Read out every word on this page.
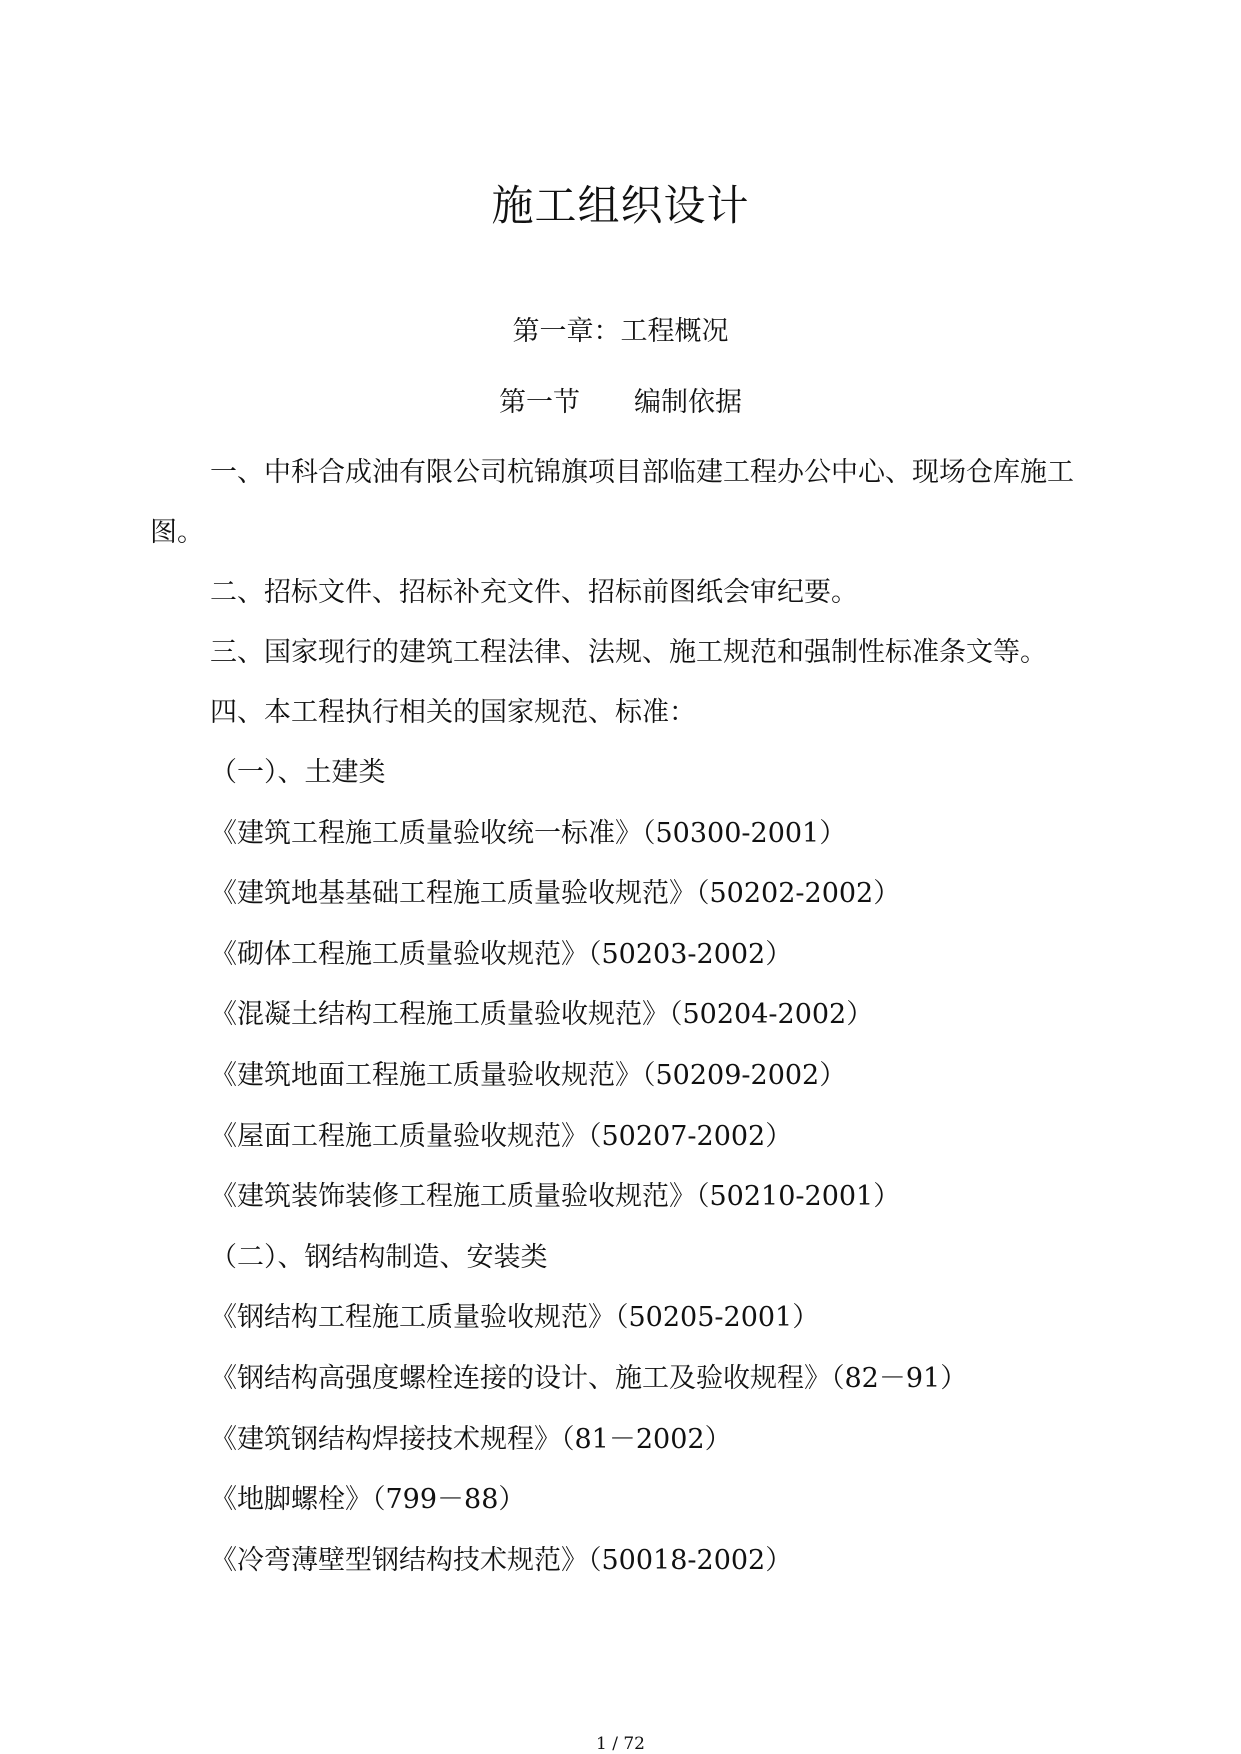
施工组织设计
第一章：工程概况
第一节　　编制依据

一、中科合成油有限公司杭锦旗项目部临建工程办公中心、现场仓库施工图。

二、招标文件、招标补充文件、招标前图纸会审纪要。

三、国家现行的建筑工程法律、法规、施工规范和强制性标准条文等。

四、本工程执行相关的国家规范、标准：

（一）、土建类

《建筑工程施工质量验收统一标准》（50300-2001）

《建筑地基基础工程施工质量验收规范》（50202-2002）

《砌体工程施工质量验收规范》（50203-2002）

《混凝土结构工程施工质量验收规范》（50204-2002）

《建筑地面工程施工质量验收规范》（50209-2002）

《屋面工程施工质量验收规范》（50207-2002）

《建筑装饰装修工程施工质量验收规范》（50210-2001）

（二）、钢结构制造、安装类

《钢结构工程施工质量验收规范》（50205-2001）

《钢结构高强度螺栓连接的设计、施工及验收规程》（82－91）

《建筑钢结构焊接技术规程》（81－2002）

《地脚螺栓》（799－88）

《冷弯薄壁型钢结构技术规范》（50018-2002）

1 / 72
